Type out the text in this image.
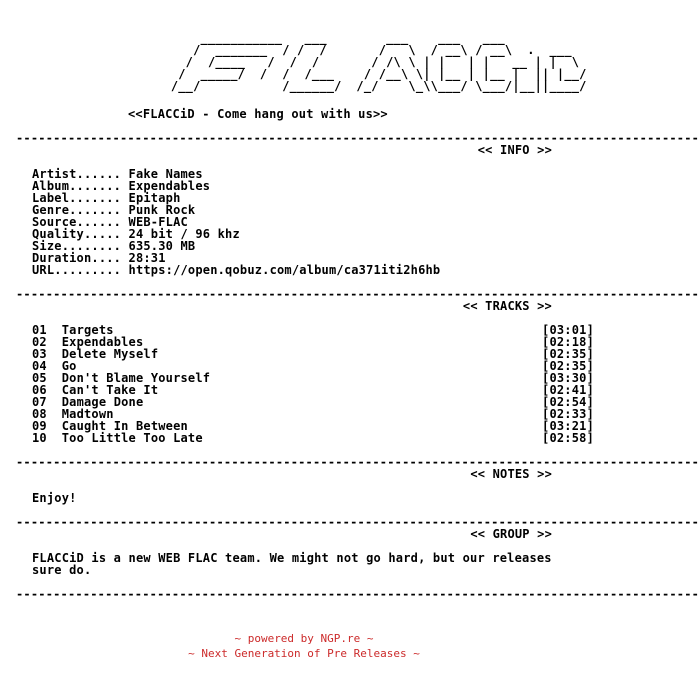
___________   ___        ___    ___   ___
/  _______  / /  /       /   \  / __\ / __\  .  ___
/  /____   /  /  /       / /\ \ | |   | |   __ | |  \
/  _____/  /  /  /___    / /__\ \| |__ | |__ |  || |__/
/__/           /______/  /_/    \_\\___/ \___/|__||____/
<<FLACCiD - Come hang out with us>>
--------------------------------------------------------------------------------------------
<< INFO >>
Artist...... Fake Names
Album....... Expendables
Label....... Epitaph
Genre....... Punk Rock
Source...... WEB-FLAC
Quality..... 24 bit / 96 khz
Size........ 635.30 MB
Duration.... 28:31
URL......... https://open.qobuz.com/album/ca371iti2h6hb
--------------------------------------------------------------------------------------------
<< TRACKS >>
01 Targets	[03:01]
02 Expendables	[02:18]
03 Delete Myself	[02:35]
04 Go	[02:35]
05 Don't Blame Yourself	[03:30]
06 Can't Take It	[02:41]
07 Damage Done	[02:54]
08 Madtown	[02:33]
09 Caught In Between	[03:21]
10 Too Little Too Late	[02:58]
--------------------------------------------------------------------------------------------
<< NOTES >>
Enjoy!
--------------------------------------------------------------------------------------------
<< GROUP >>
FLACCiD is a new WEB FLAC team. We might not go hard, but our releases
sure do.
--------------------------------------------------------------------------------------------
~ powered by NGP.re ~
~ Next Generation of Pre Releases ~
